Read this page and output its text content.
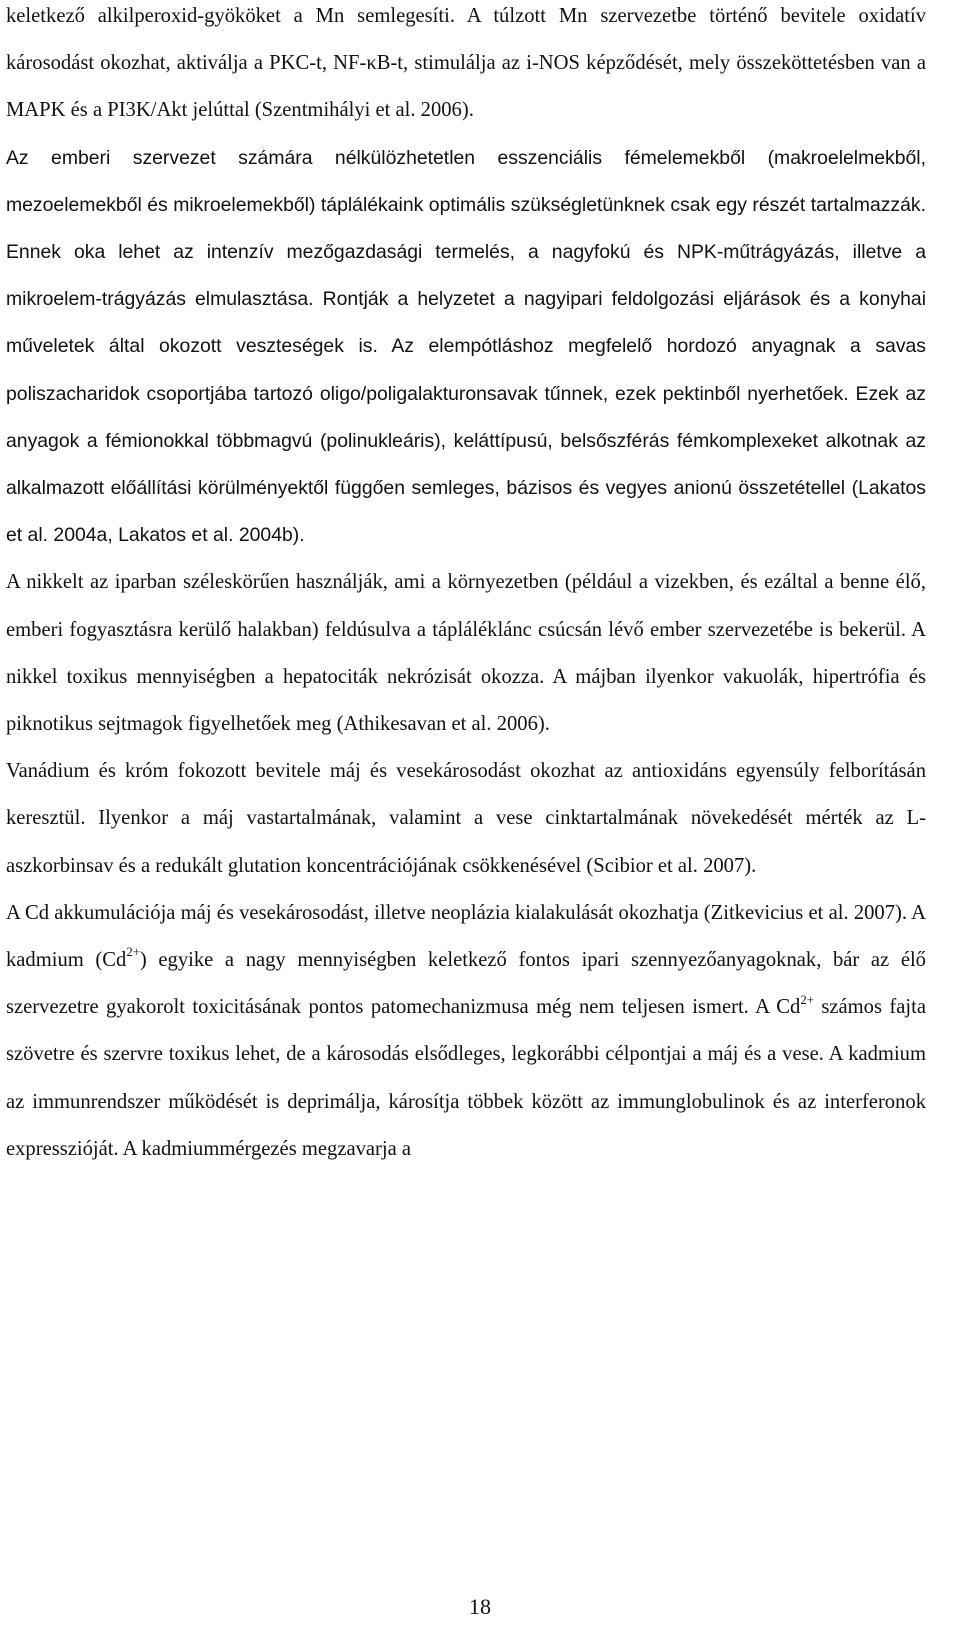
keletkező alkilperoxid-gyököket a Mn semlegesíti. A túlzott Mn szervezetbe történő bevitele oxidatív károsodást okozhat, aktiválja a PKC-t, NF-κB-t, stimulálja az i-NOS képződését, mely összeköttetésben van a MAPK és a PI3K/Akt jelúttal (Szentmihályi et al. 2006).

Az emberi szervezet számára nélkülözhetetlen esszenciális fémelemekből (makroelelmekből, mezoelemekből és mikroelemekből) táplálékaink optimális szükségletünknek csak egy részét tartalmazzák. Ennek oka lehet az intenzív mezőgazdasági termelés, a nagyfokú és NPK-műtrágyázás, illetve a mikroelem-trágyázás elmulasztása. Rontják a helyzetet a nagyipari feldolgozási eljárások és a konyhai műveletek által okozott veszteségek is. Az elempótláshoz megfelelő hordozó anyagnak a savas poliszacharidok csoportjába tartozó oligo/poligalakturonsavak tűnnek, ezek pektinből nyerhetőek. Ezek az anyagok a fémionokkal többmagvú (polinukleáris), keláttípusú, belsőszférás fémkomplexeket alkotnak az alkalmazott előállítási körülményektől függően semleges, bázisos és vegyes anionú összetétellel (Lakatos et al. 2004a, Lakatos et al. 2004b).

A nikkelt az iparban széleskörűen használják, ami a környezetben (például a vizekben, és ezáltal a benne élő, emberi fogyasztásra kerülő halakban) feldúsulva a tápláléklánc csúcsán lévő ember szervezetébe is bekerül. A nikkel toxikus mennyiségben a hepatociták nekrózisát okozza. A májban ilyenkor vakuolák, hipertrófia és piknotikus sejtmagok figyelhetőek meg (Athikesavan et al. 2006).

Vanádium és króm fokozott bevitele máj és vesekárosodást okozhat az antioxidáns egyensúly felborításán keresztül. Ilyenkor a máj vastartalmának, valamint a vese cinktartalmának növekedését mérték az L-aszkorbinsav és a redukált glutation koncentrációjának csökkenésével (Scibior et al. 2007).

A Cd akkumulációja máj és vesekárosodást, illetve neoplázia kialakulását okozhatja (Zitkevicius et al. 2007). A kadmium $(Cd^{2+})$ egyike a nagy mennyiségben keletkező fontos ipari szennyezőanyagoknak, bár az élő szervezetre gyakorolt toxicitásának pontos patomechanizmusa még nem teljesen ismert. A $Cd^{2+}$ számos fajta szövetre és szervre toxikus lehet, de a károsodás elsődleges, legkorábbi célpontjai a máj és a vese. A kadmium az immunrendszer működését is deprimálja, károsítja többek között az immunglobulinok és az interferonok expresszióját. A kadmiummérgezés megzavarja a

18
